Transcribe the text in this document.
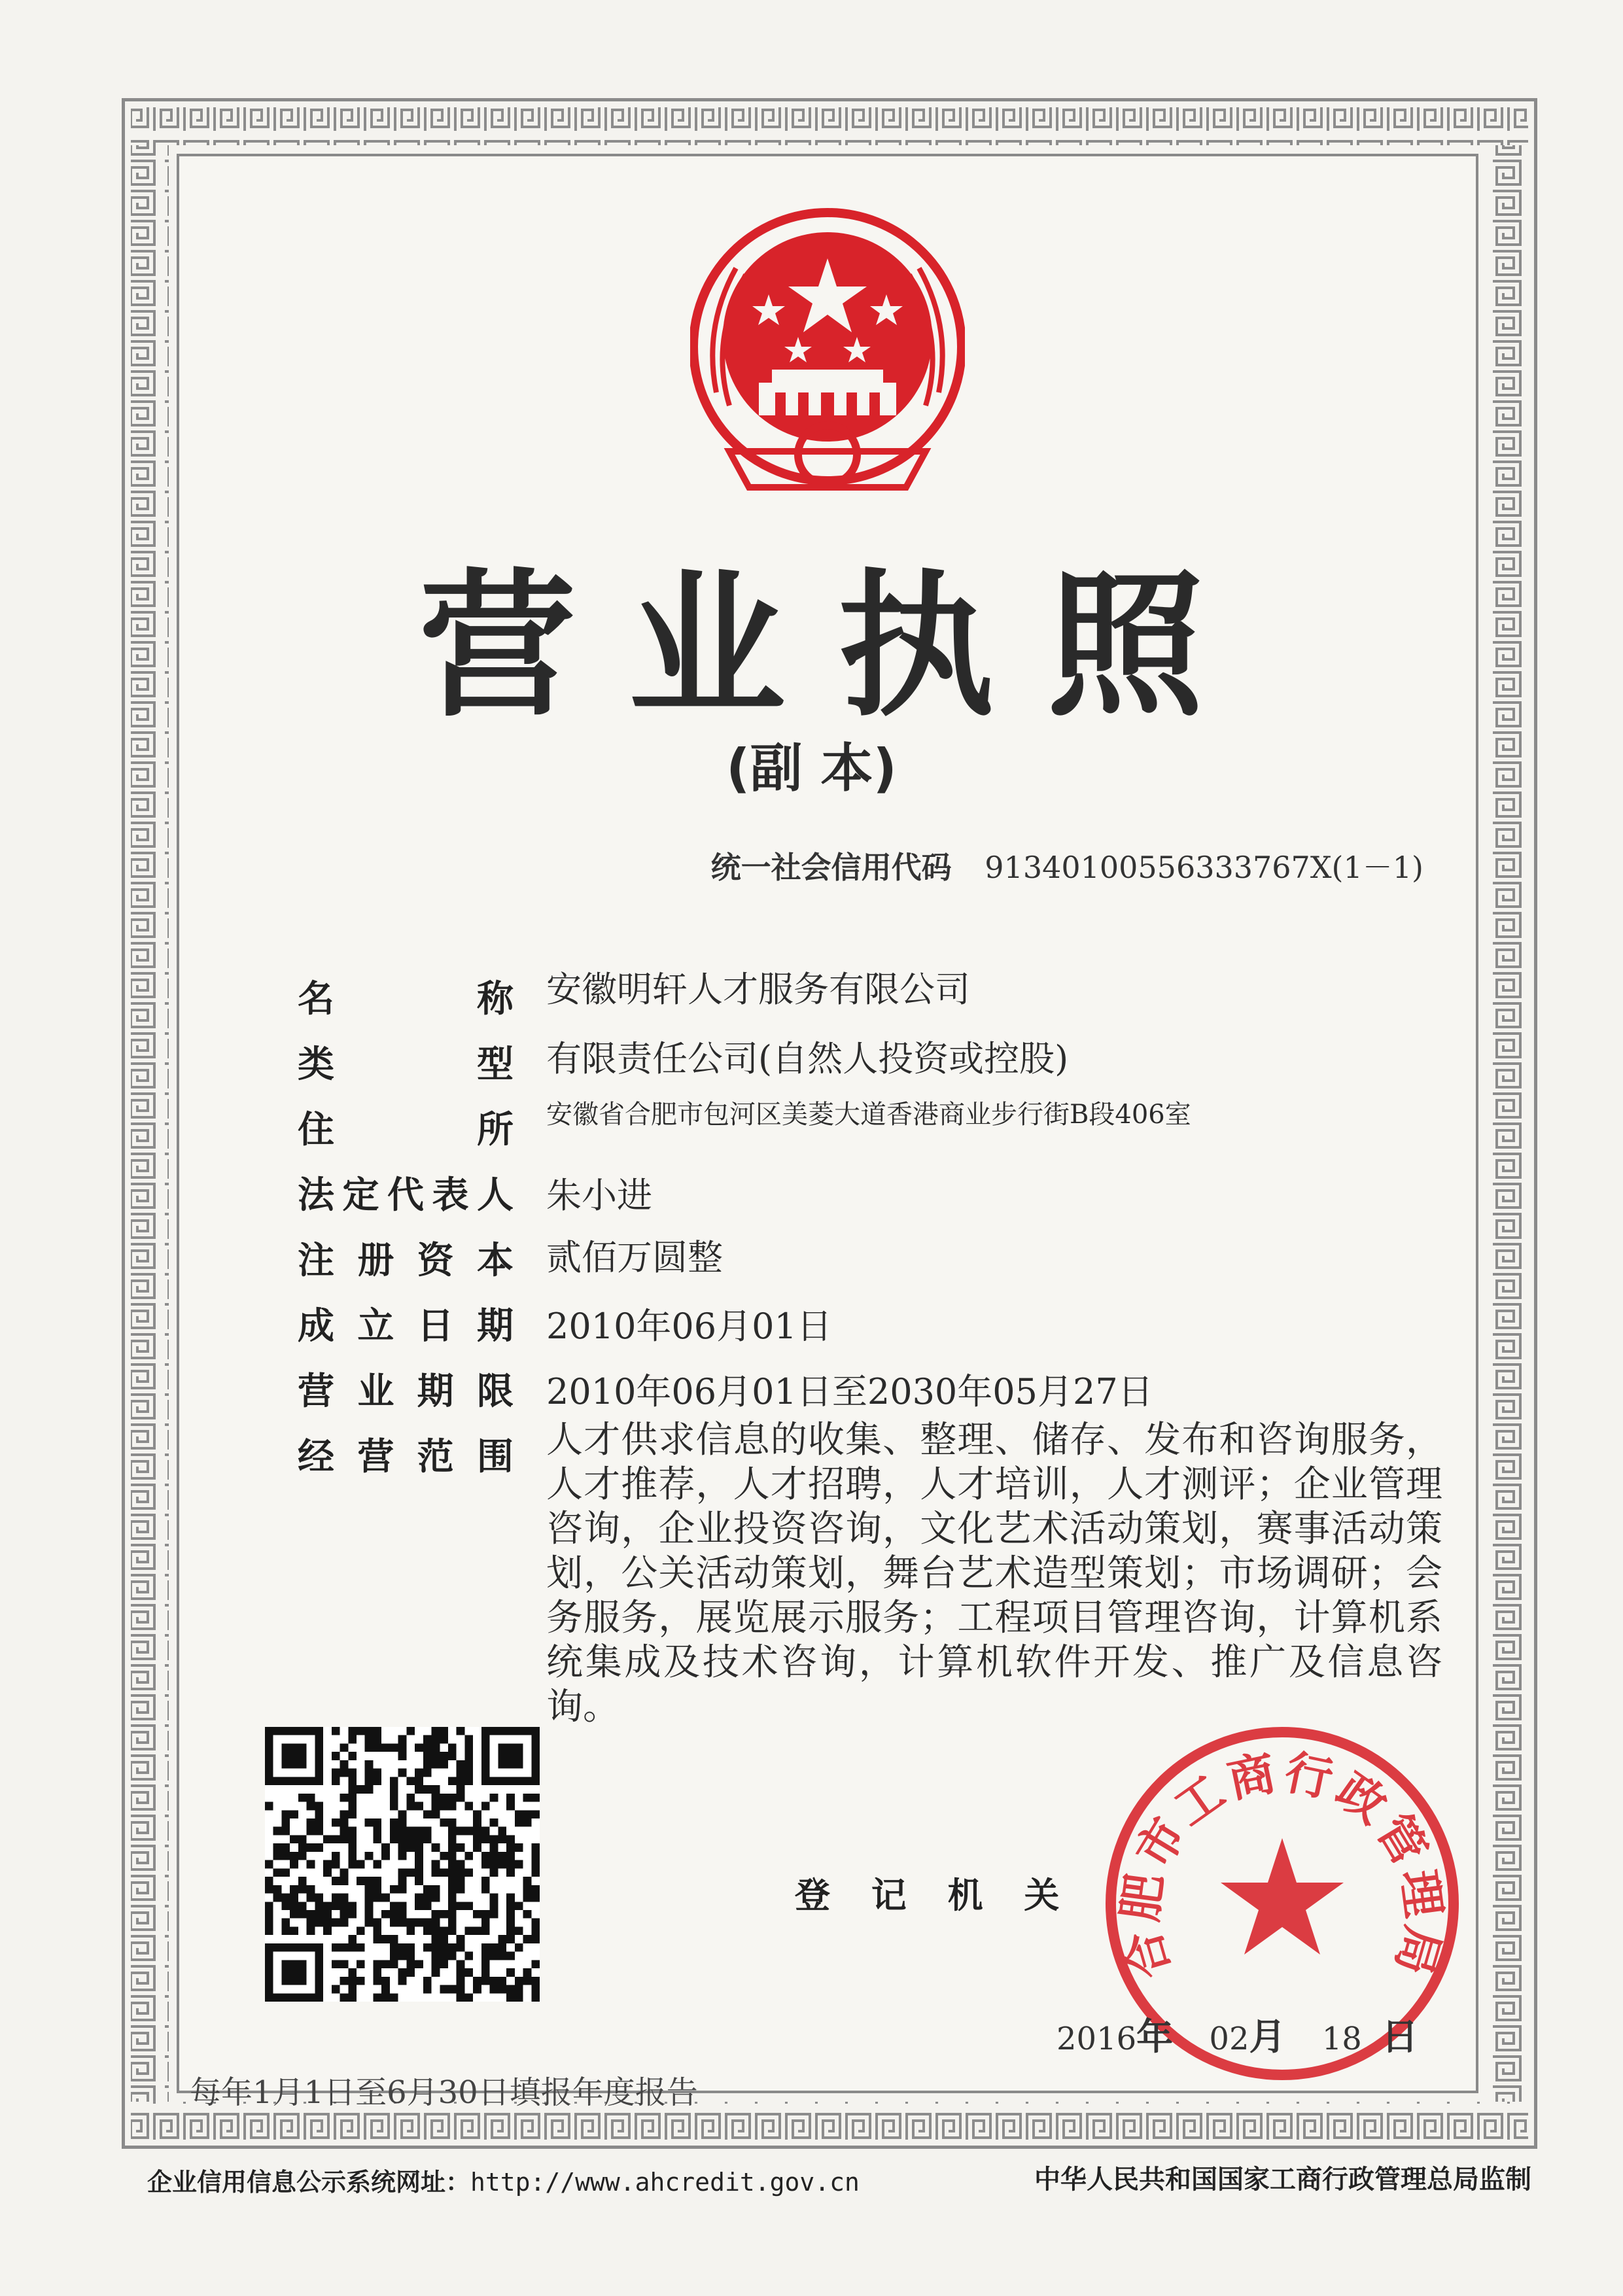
营业执照
(副 本)
统一社会信用代码 91340100556333767X(1－1)
名	称 安徽明轩人才服务有限公司
类	型 有限责任公司(自然人投资或控股)
住	所 安徽省合肥市包河区美菱大道香港商业步行街B段406室
法 定 代 表 人 朱小进
注 册 资 本 贰佰万圆整
成 立 日 期 2010年06月01日
营 业 期 限 2010年06月01日至2030年05月27日
经 营 范 围 人才供求信息的收集、整理、储存、发布和咨询服务，人才推荐，人才招聘，人才培训，人才测评；企业管理咨询，企业投资咨询，文化艺术活动策划，赛事活动策划，公关活动策划，舞台艺术造型策划；市场调研；会务服务，展览展示服务；工程项目管理咨询，计算机系统集成及技术咨询，计算机软件开发、推广及信息咨询。
登 记 机 关
合肥市工商行政管理局
2016年 02月 18 日
每年1月1日至6月30日填报年度报告
企业信用信息公示系统网址：http://www.ahcredit.gov.cn	中华人民共和国国家工商行政管理总局监制
